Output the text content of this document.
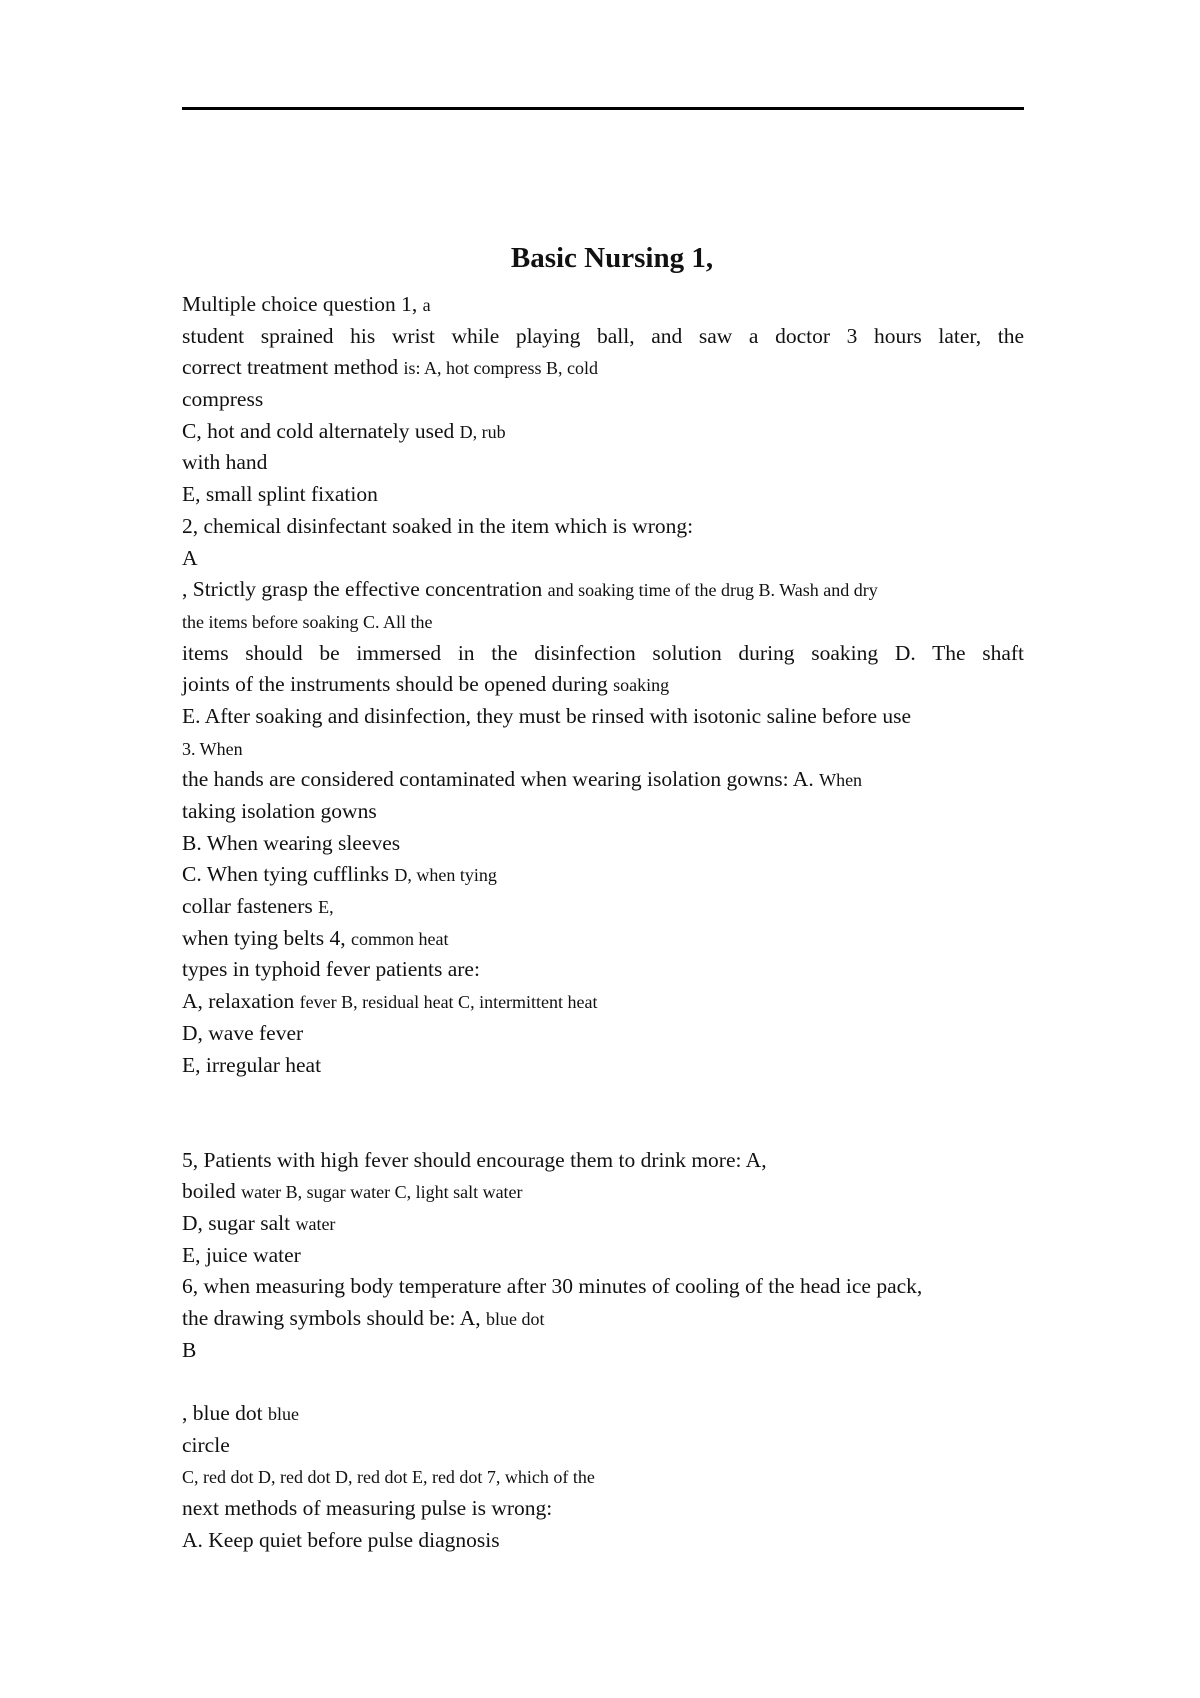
Basic Nursing 1,
Multiple choice question 1, a
student sprained his wrist while playing ball, and saw a doctor 3 hours later, the
correct treatment method is: A, hot compress B, cold
compress
C, hot and cold alternately used D, rub
with hand
E, small splint fixation
2, chemical disinfectant soaked in the item which is wrong:
A
, Strictly grasp the effective concentration and soaking time of the drug B. Wash and dry
the items before soaking C. All the
items should be immersed in the disinfection solution during soaking D. The shaft
joints of the instruments should be opened during soaking
E. After soaking and disinfection, they must be rinsed with isotonic saline before use
3. When
the hands are considered contaminated when wearing isolation gowns: A. When
taking isolation gowns
B. When wearing sleeves
C. When tying cufflinks D, when tying
collar fasteners E,
when tying belts 4, common heat
types in typhoid fever patients are:
A, relaxation fever B, residual heat C, intermittent heat
D, wave fever
E, irregular heat
5, Patients with high fever should encourage them to drink more: A,
boiled water B, sugar water C, light salt water
D, sugar salt water
E, juice water
6, when measuring body temperature after 30 minutes of cooling of the head ice pack,
the drawing symbols should be: A, blue dot
B
, blue dot blue
circle
C, red dot D, red dot D, red dot E, red dot 7, which of the
next methods of measuring pulse is wrong:
A. Keep quiet before pulse diagnosis
